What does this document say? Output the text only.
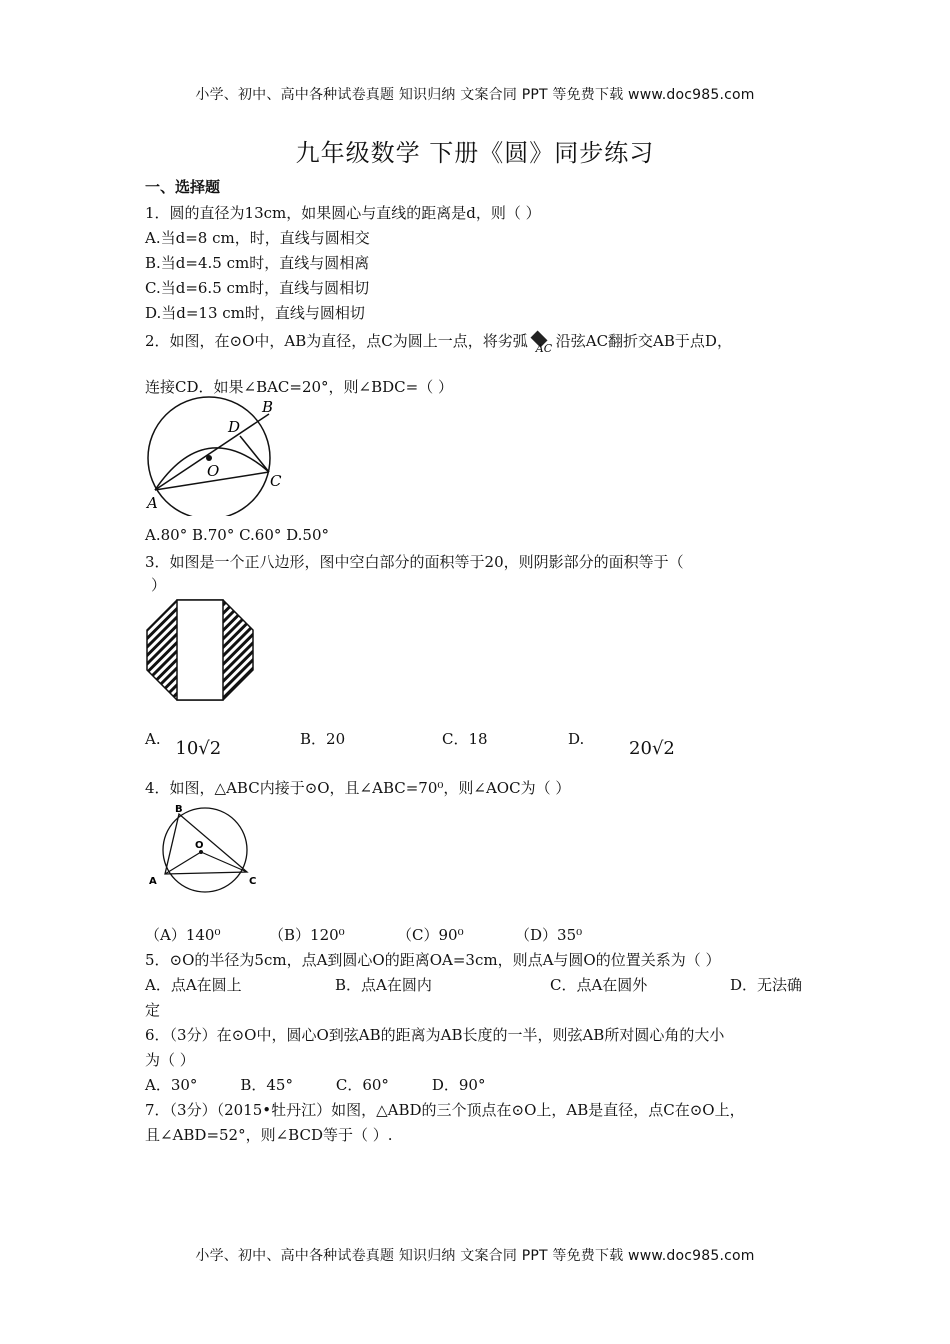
小学、初中、高中各种试卷真题 知识归纳 文案合同 PPT 等免费下载 www.doc985.com
九年级数学 下册《圆》同步练习
一、选择题
1．圆的直径为13cm，如果圆心与直线的距离是d，则（ ）
A.当d=8 cm，时，直线与圆相交
B.当d=4.5 cm时，直线与圆相离
C.当d=6.5 cm时，直线与圆相切
D.当d=13 cm时，直线与圆相切
2．如图，在⊙O中，AB为直径，点C为圆上一点，将劣弧 AC 沿弦AC翻折交AB于点D，
连接CD．如果∠BAC=20°，则∠BDC=（ ）
A
B
C
D
O
A.80° B.70° C.60° D.50°
3．如图是一个正八边形，图中空白部分的面积等于20，则阴影部分的面积等于（
）
A. 10√2	B．20	C．18	D. 20√2
4．如图，△ABC内接于⊙O，且∠ABC=70⁰，则∠AOC为（ ）
B
A	C
O
（A）140⁰	（B）120⁰	（C）90⁰	（D）35⁰
5．⊙O的半径为5cm，点A到圆心O的距离OA=3cm，则点A与圆O的位置关系为（ ）
A．点A在圆上	B．点A在圆内	C．点A在圆外	D．无法确
定
6．（3分）在⊙O中，圆心O到弦AB的距离为AB长度的一半，则弦AB所对圆心角的大小
为（ ）
A．30°         B．45°         C．60°         D．90°
7．（3分）（2015•牡丹江）如图，△ABD的三个顶点在⊙O上，AB是直径，点C在⊙O上，
且∠ABD=52°，则∠BCD等于（ ）.
小学、初中、高中各种试卷真题 知识归纳 文案合同 PPT 等免费下载 www.doc985.com
